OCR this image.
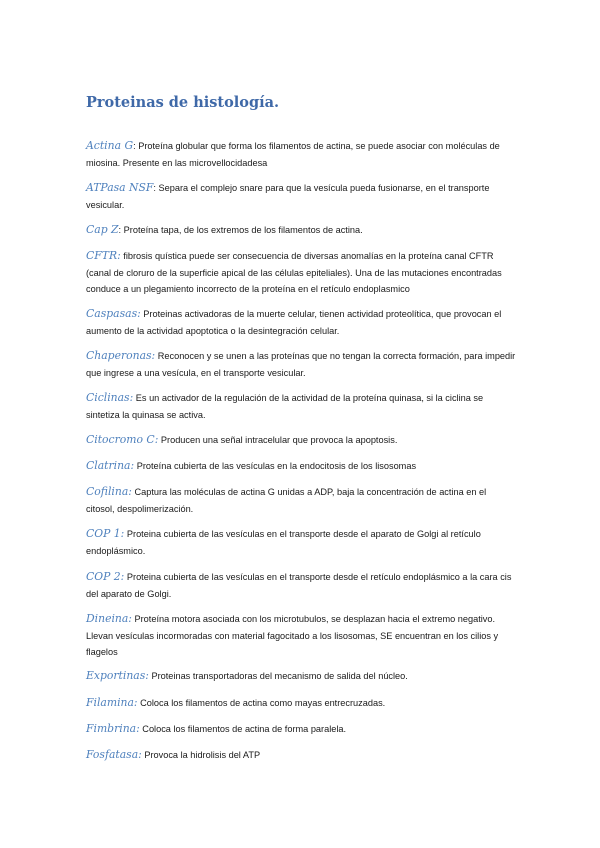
Proteinas de histología.

Actina G: Proteína globular que forma los filamentos de actina, se puede asociar con moléculas de miosina. Presente en las microvellocidadesa

ATPasa NSF: Separa el complejo snare para que la vesícula pueda fusionarse, en el transporte vesicular.

Cap Z: Proteína tapa, de los extremos de los filamentos de actina.

CFTR: fibrosis quística puede ser consecuencia de diversas anomalías en la proteína canal CFTR (canal de cloruro de la superficie apical de las células epiteliales). Una de las mutaciones encontradas conduce a un plegamiento incorrecto de la proteína en el retículo endoplasmico

Caspasas: Proteinas activadoras de la muerte celular, tienen actividad proteolítica, que provocan el aumento de la actividad apoptotica o la desintegración celular.

Chaperonas: Reconocen y se unen a las proteínas que no tengan la correcta formación, para impedir que ingrese a una vesícula, en el transporte vesicular.

Ciclinas: Es un activador de la regulación de la actividad de la proteína quinasa, si la ciclina se sintetiza la quinasa se activa.

Citocromo C: Producen una señal intracelular que provoca la apoptosis.

Clatrina: Proteína cubierta de las vesículas en la endocitosis de los lisosomas

Cofilina: Captura las moléculas de actina G unidas a ADP, baja la concentración de actina en el citosol, despolimerización.

COP 1: Proteina cubierta de las vesículas en el transporte desde el aparato de Golgi al retículo endoplásmico.

COP 2: Proteina cubierta de las vesículas en el transporte desde el retículo endoplásmico a la cara cis del aparato de Golgi.

Dineina: Proteína motora asociada con los microtubulos, se desplazan hacia el extremo negativo. Llevan vesículas incormoradas con material fagocitado a los lisosomas, SE encuentran en los cilios y flagelos

Exportinas: Proteinas transportadoras del mecanismo de salida del núcleo.

Filamina: Coloca los filamentos de actina como mayas entrecruzadas.

Fimbrina: Coloca los filamentos de actina de forma paralela.

Fosfatasa: Provoca la hidrolisis del ATP
